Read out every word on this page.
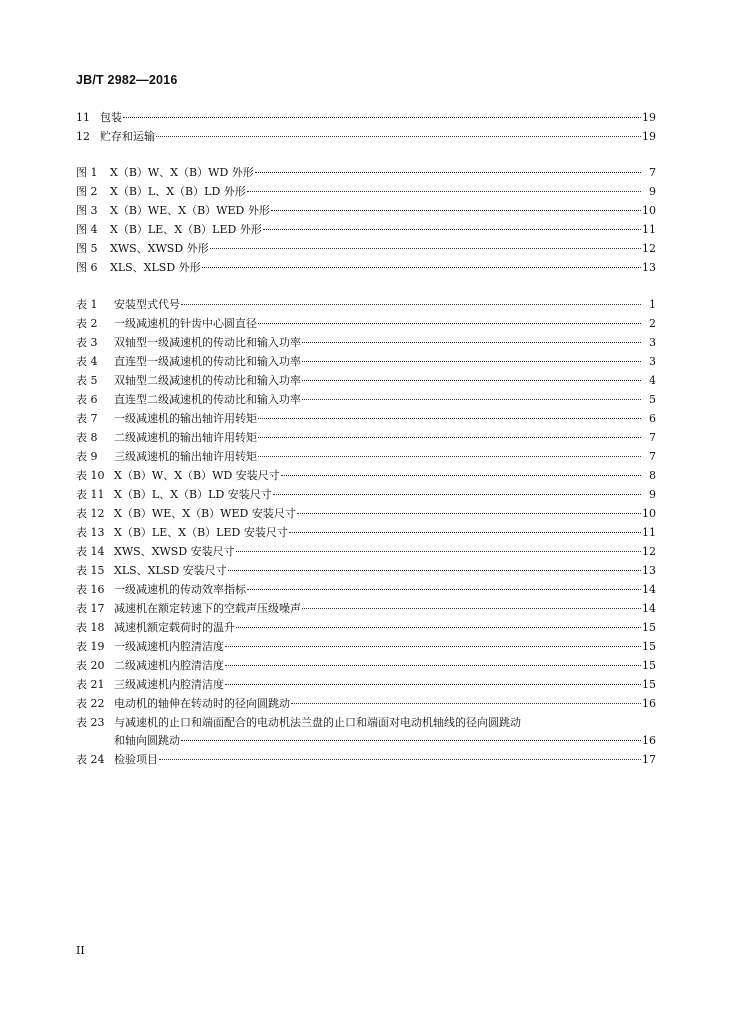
JB/T 2982—2016
11 包装	19
12 贮存和运输	19
图 1	X（B）W、X（B）WD 外形	7
图 2	X（B）L、X（B）LD 外形	9
图 3	X（B）WE、X（B）WED 外形	10
图 4	X（B）LE、X（B）LED 外形	11
图 5	XWS、XWSD 外形	12
图 6	XLS、XLSD 外形	13
表 1	安装型式代号	1
表 2	一级减速机的针齿中心圆直径	2
表 3	双轴型一级减速机的传动比和输入功率	3
表 4	直连型一级减速机的传动比和输入功率	3
表 5	双轴型二级减速机的传动比和输入功率	4
表 6	直连型二级减速机的传动比和输入功率	5
表 7	一级减速机的输出轴许用转矩	6
表 8	二级减速机的输出轴许用转矩	7
表 9	三级减速机的输出轴许用转矩	7
表 10 X（B）W、X（B）WD 安装尺寸	8
表 11 X（B）L、X（B）LD 安装尺寸	9
表 12 X（B）WE、X（B）WED 安装尺寸	10
表 13 X（B）LE、X（B）LED 安装尺寸	11
表 14 XWS、XWSD 安装尺寸	12
表 15 XLS、XLSD 安装尺寸	13
表 16 一级减速机的传动效率指标	14
表 17 减速机在额定转速下的空载声压级噪声	14
表 18 减速机额定载荷时的温升	15
表 19 一级减速机内腔清洁度	15
表 20 二级减速机内腔清洁度	15
表 21 三级减速机内腔清洁度	15
表 22 电动机的轴伸在转动时的径向圆跳动	16
表 23 与减速机的止口和端面配合的电动机法兰盘的止口和端面对电动机轴线的径向圆跳动
和轴向圆跳动	16
表 24 检验项目	17
II
